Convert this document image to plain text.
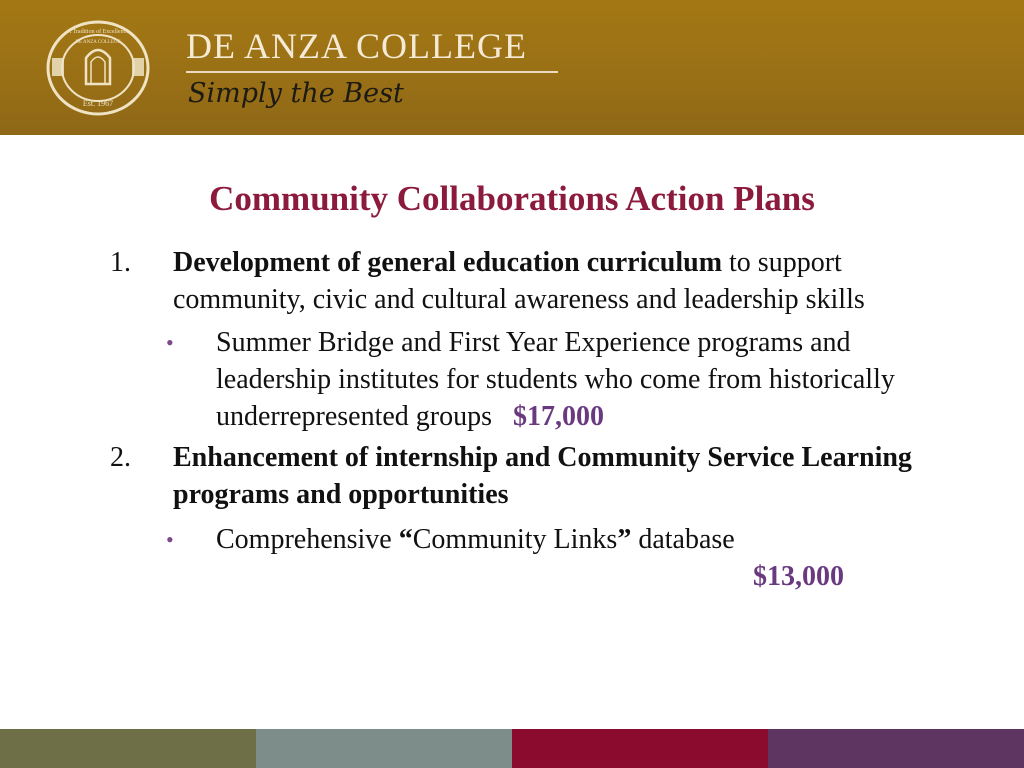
A Tradition of Excellence
DE ANZA COLLEGE
Est. 1967
DE ANZA COLLEGE
Simply the Best
Community Collaborations Action Plans
1. Development of general education curriculum to support community, civic and cultural awareness and leadership skills
• Summer Bridge and First Year Experience programs and leadership institutes for students who come from historically underrepresented groups $17,000
2. Enhancement of internship and Community Service Learning programs and opportunities
• Comprehensive “Community Links” database
$13,000
